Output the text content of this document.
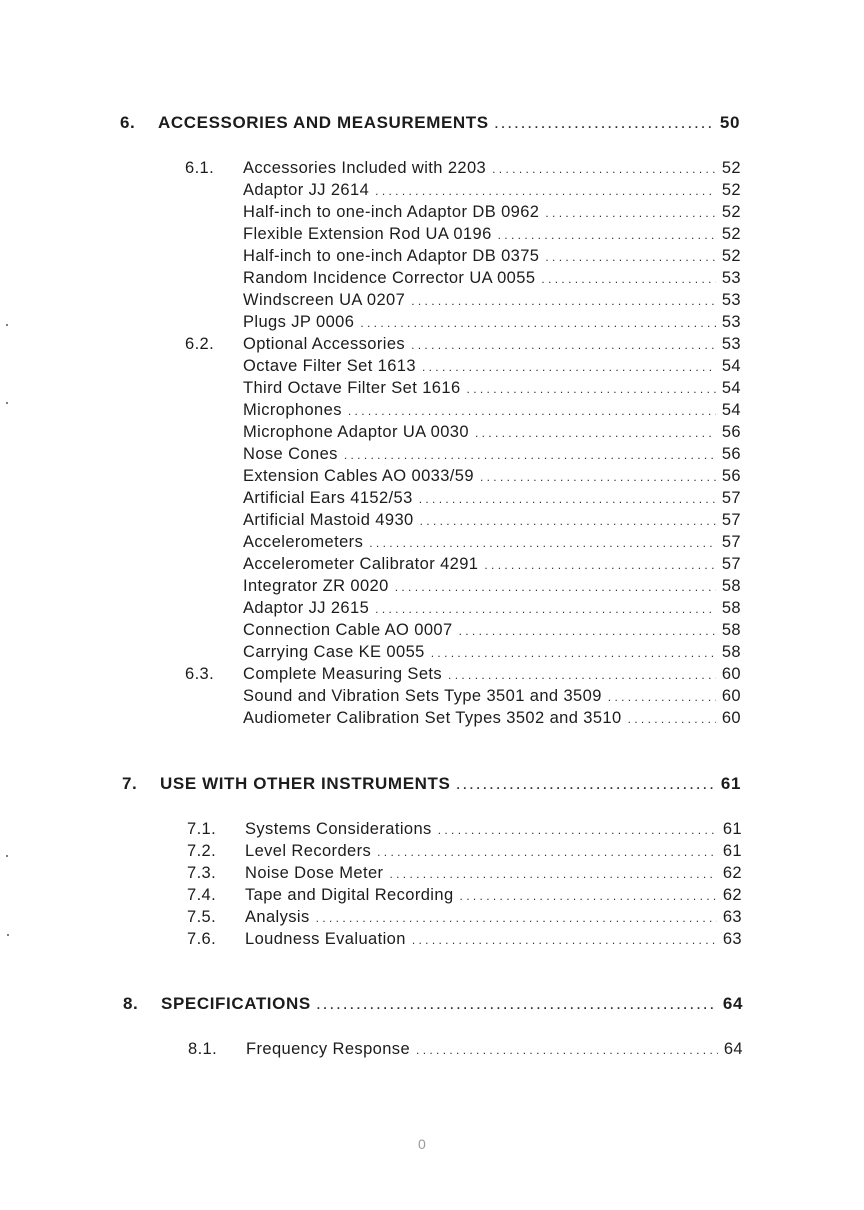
6. ACCESSORIES AND MEASUREMENTS . . .	50
6.1. Accessories Included with 2203 . . .	52
Adaptor JJ 2614 . . .	52
Half-inch to one-inch Adaptor DB 0962 . . .	52
Flexible Extension Rod UA 0196 . . .	52
Half-inch to one-inch Adaptor DB 0375 . . .	52
Random Incidence Corrector UA 0055 . . .	53
Windscreen UA 0207 . . .	53
Plugs JP 0006 . . .	53
6.2. Optional Accessories . . .	53
Octave Filter Set 1613 . . .	54
Third Octave Filter Set 1616 . . .	54
Microphones . . .	54
Microphone Adaptor UA 0030 . . .	56
Nose Cones . . .	56
Extension Cables AO 0033/59 . . .	56
Artificial Ears 4152/53 . . .	57
Artificial Mastoid 4930 . . .	57
Accelerometers . . .	57
Accelerometer Calibrator 4291 . . .	57
Integrator ZR 0020 . . .	58
Adaptor JJ 2615 . . .	58
Connection Cable AO 0007 . . .	58
Carrying Case KE 0055 . . .	58
6.3. Complete Measuring Sets . . .	60
Sound and Vibration Sets Type 3501 and 3509 . . .	60
Audiometer Calibration Set Types 3502 and 3510 . . .	60
7. USE WITH OTHER INSTRUMENTS . . .	61
7.1. Systems Considerations . . .	61
7.2. Level Recorders . . .	61
7.3. Noise Dose Meter . . .	62
7.4. Tape and Digital Recording . . .	62
7.5. Analysis . . .	63
7.6. Loudness Evaluation . . .	63
8. SPECIFICATIONS . . .	64
8.1. Frequency Response . . .	64
0
